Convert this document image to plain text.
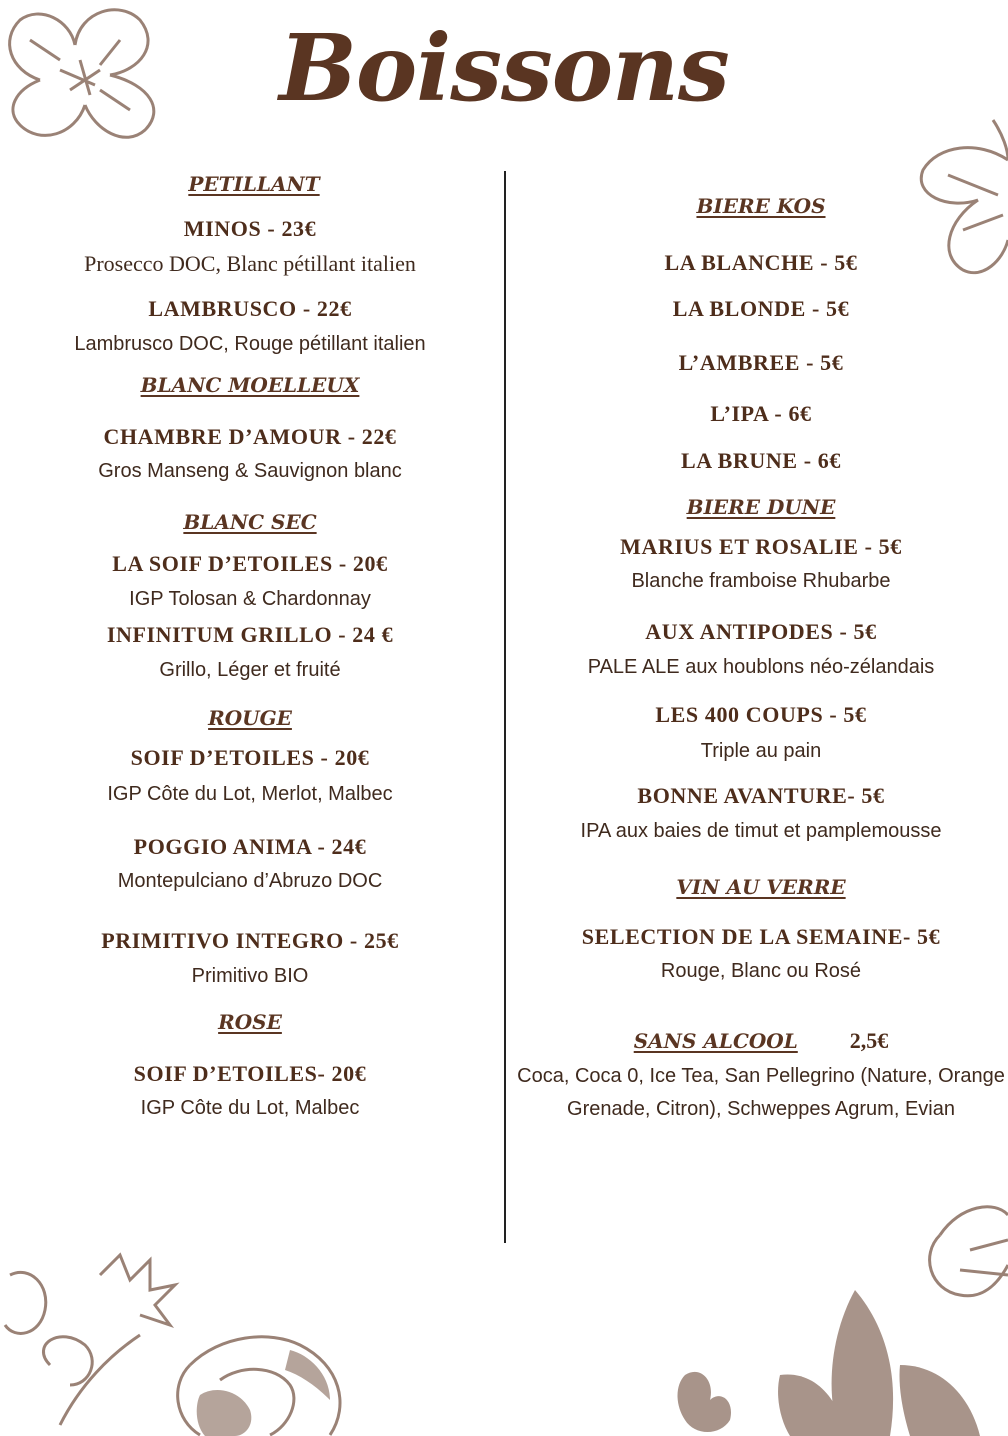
Boissons
PETILLANT
MINOS - 23€
Prosecco DOC, Blanc pétillant italien
LAMBRUSCO - 22€
Lambrusco DOC, Rouge pétillant italien
BLANC MOELLEUX
CHAMBRE D’AMOUR - 22€
Gros Manseng & Sauvignon blanc
BLANC SEC
LA SOIF D’ETOILES - 20€
IGP Tolosan & Chardonnay
INFINITUM GRILLO - 24 €
Grillo, Léger et fruité
ROUGE
SOIF D’ETOILES - 20€
IGP Côte du Lot, Merlot, Malbec
POGGIO ANIMA - 24€
Montepulciano d’Abruzo DOC
PRIMITIVO INTEGRO - 25€
Primitivo BIO
ROSE
SOIF D’ETOILES- 20€
IGP Côte du Lot, Malbec
BIERE KOS
LA BLANCHE - 5€
LA BLONDE - 5€
L’AMBREE - 5€
L’IPA - 6€
LA BRUNE - 6€
BIERE DUNE
MARIUS ET ROSALIE - 5€
Blanche framboise Rhubarbe
AUX ANTIPODES - 5€
PALE ALE aux houblons néo-zélandais
LES 400 COUPS - 5€
Triple au pain
BONNE AVANTURE- 5€
IPA aux baies de timut et pamplemousse
VIN AU VERRE
SELECTION DE LA SEMAINE- 5€
Rouge, Blanc ou Rosé
SANS ALCOOL 2,5€
Coca, Coca 0, Ice Tea, San Pellegrino (Nature, Orange
Grenade, Citron), Schweppes Agrum, Evian
